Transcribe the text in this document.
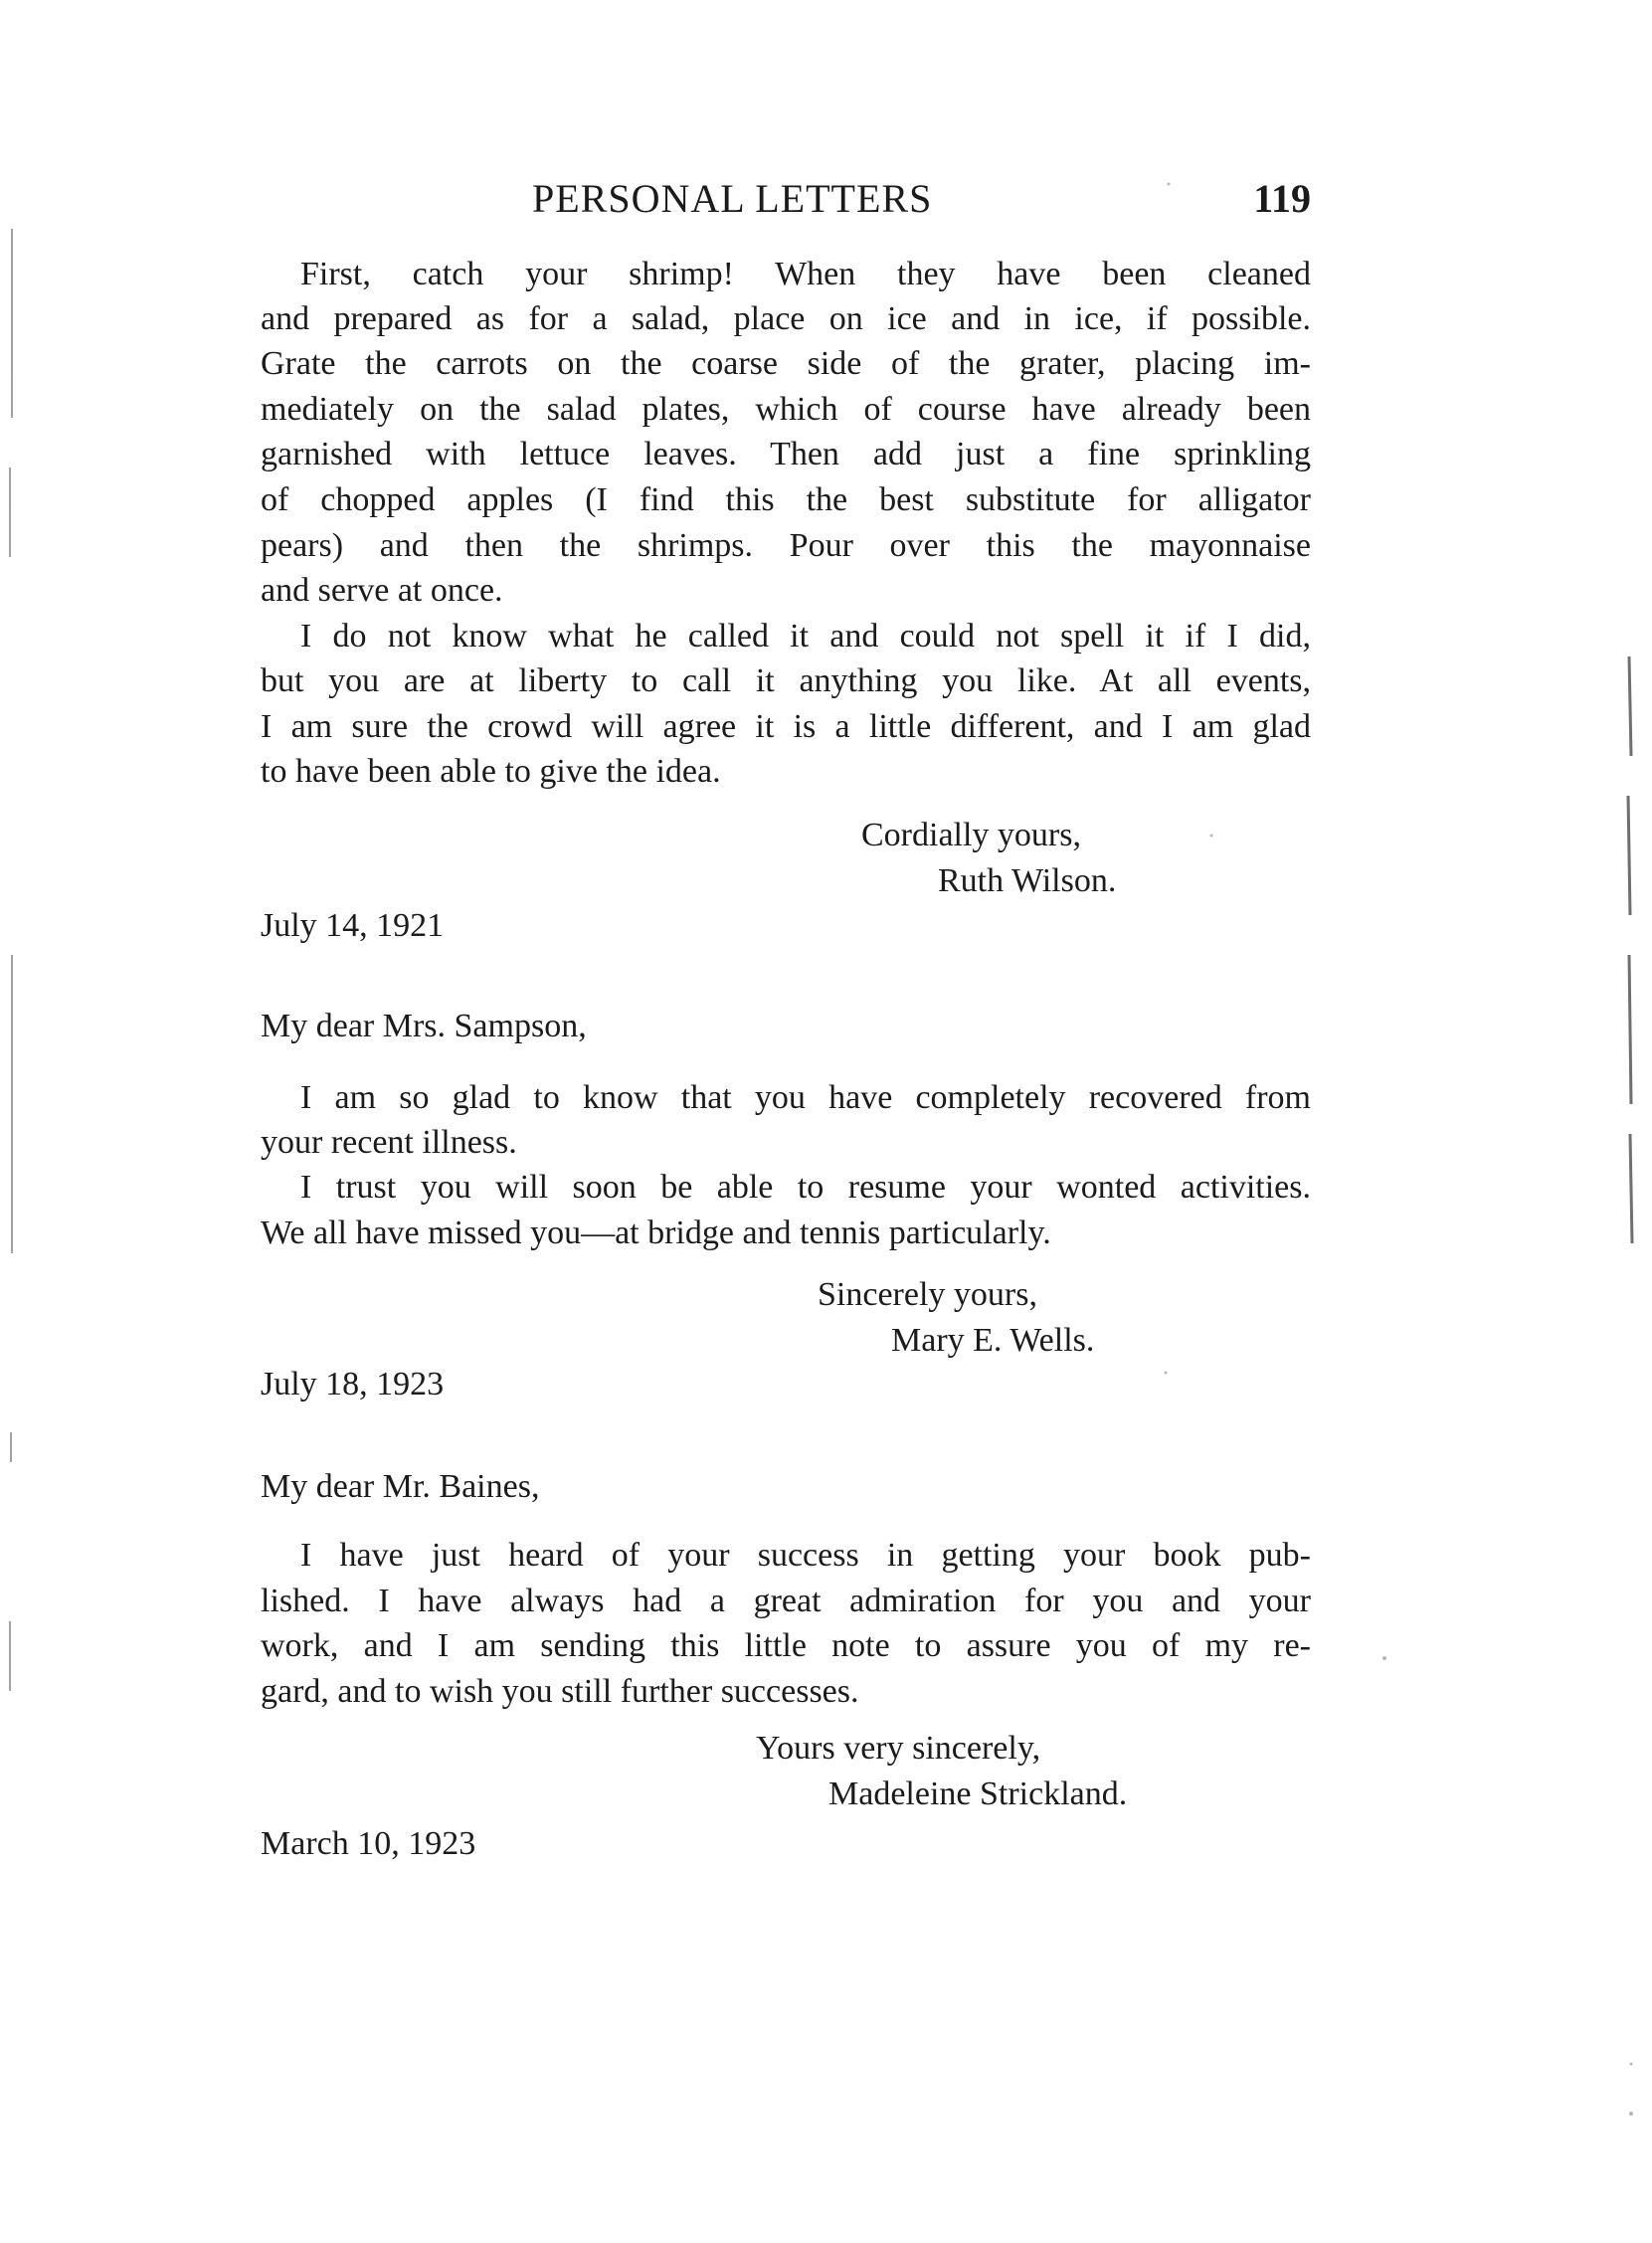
PERSONAL LETTERS	119
First, catch your shrimp! When they have been cleaned
and prepared as for a salad, place on ice and in ice, if possible.
Grate the carrots on the coarse side of the grater, placing im-
mediately on the salad plates, which of course have already been
garnished with lettuce leaves. Then add just a fine sprinkling
of chopped apples (I find this the best substitute for alligator
pears) and then the shrimps. Pour over this the mayonnaise
and serve at once.
I do not know what he called it and could not spell it if I did,
but you are at liberty to call it anything you like. At all events,
I am sure the crowd will agree it is a little different, and I am glad
to have been able to give the idea.
Cordially yours,
Ruth Wilson.
July 14, 1921
My dear Mrs. Sampson,
I am so glad to know that you have completely recovered from
your recent illness.
I trust you will soon be able to resume your wonted activities.
We all have missed you—at bridge and tennis particularly.
Sincerely yours,
Mary E. Wells.
July 18, 1923
My dear Mr. Baines,
I have just heard of your success in getting your book pub-
lished. I have always had a great admiration for you and your
work, and I am sending this little note to assure you of my re-
gard, and to wish you still further successes.
Yours very sincerely,
Madeleine Strickland.
March 10, 1923
